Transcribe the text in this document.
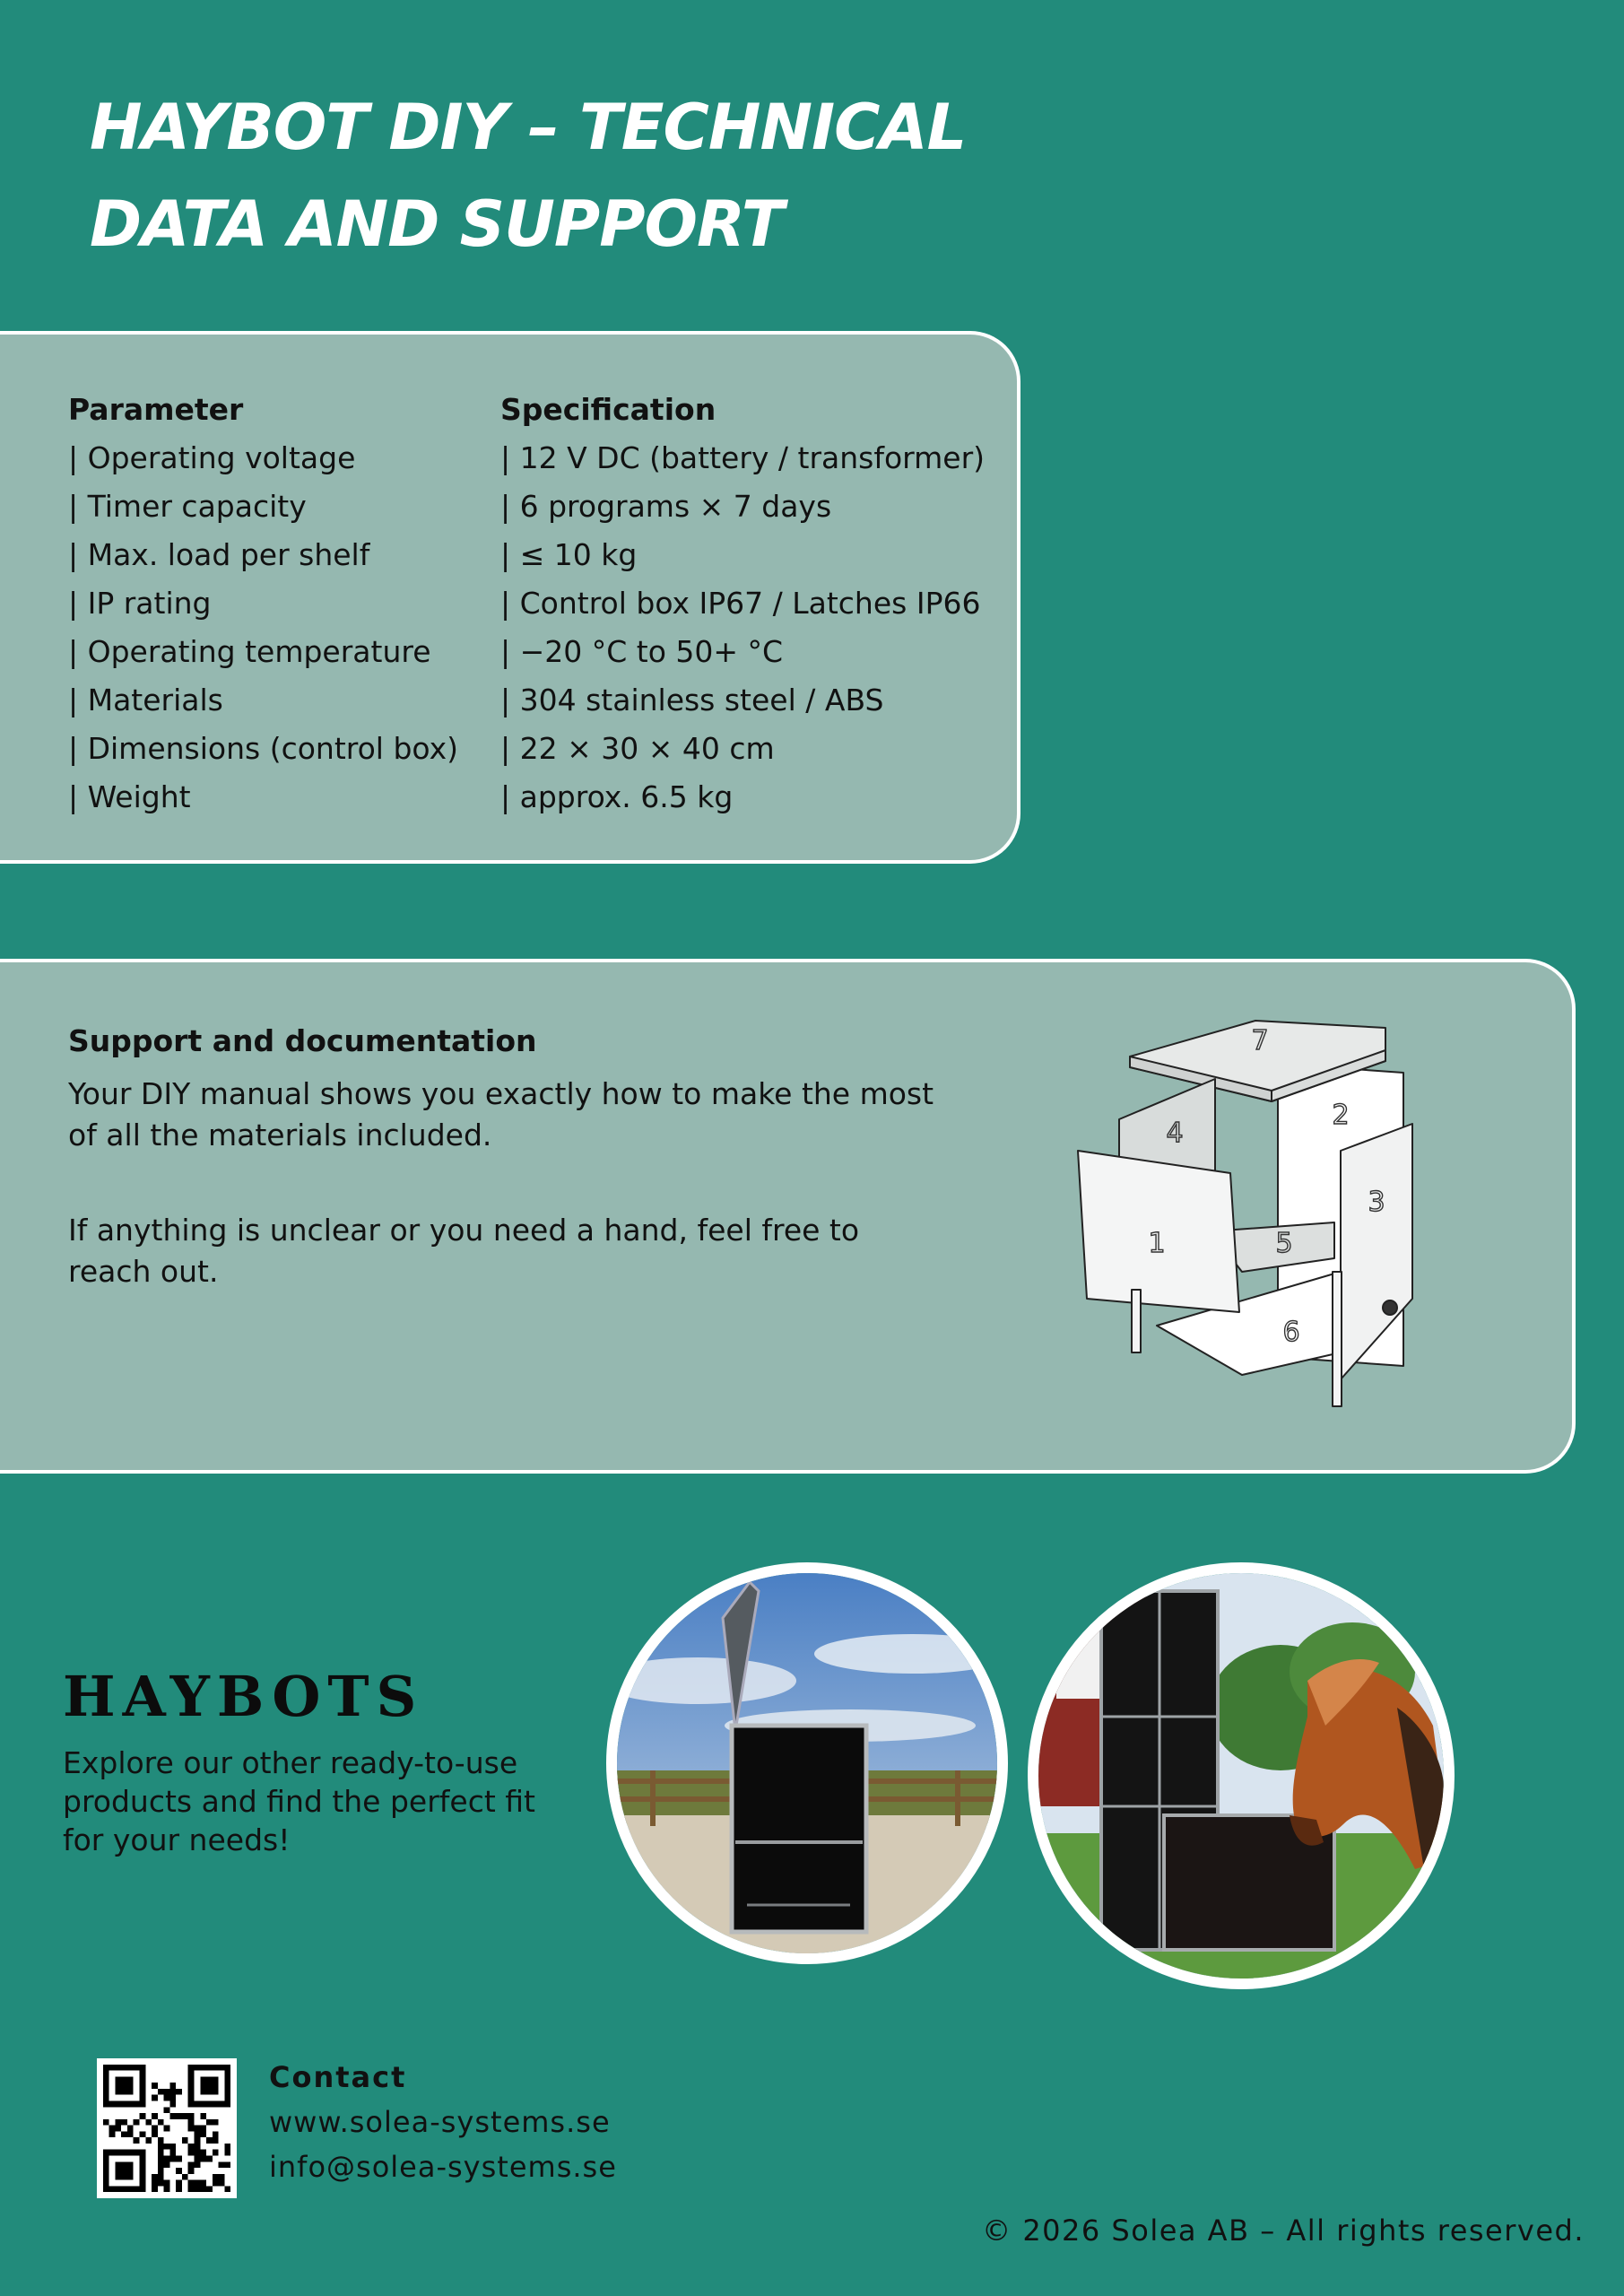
HAYBOT DIY – TECHNICAL
DATA AND SUPPORT
Parameter	Specification
| Operating voltage	| 12 V DC (battery / transformer)
| Timer capacity	| 6 programs × 7 days
| Max. load per shelf	| ≤ 10 kg
| IP rating	| Control box IP67 / Latches IP66
| Operating temperature	| −20 °C to 50+ °C
| Materials	| 304 stainless steel / ABS
| Dimensions (control box)	| 22 × 30 × 40 cm
| Weight	| approx. 6.5 kg
Support and documentation

Your DIY manual shows you exactly how to make the most of all the materials included.

If anything is unclear or you need a hand, feel free to reach out.

7
2
4
3
1	5
6
HAYBOTS

Explore our other ready-to-use products and find the perfect fit for your needs!

Contact

www.solea-systems.se

info@solea-systems.se

© 2026 Solea AB – All rights reserved.
